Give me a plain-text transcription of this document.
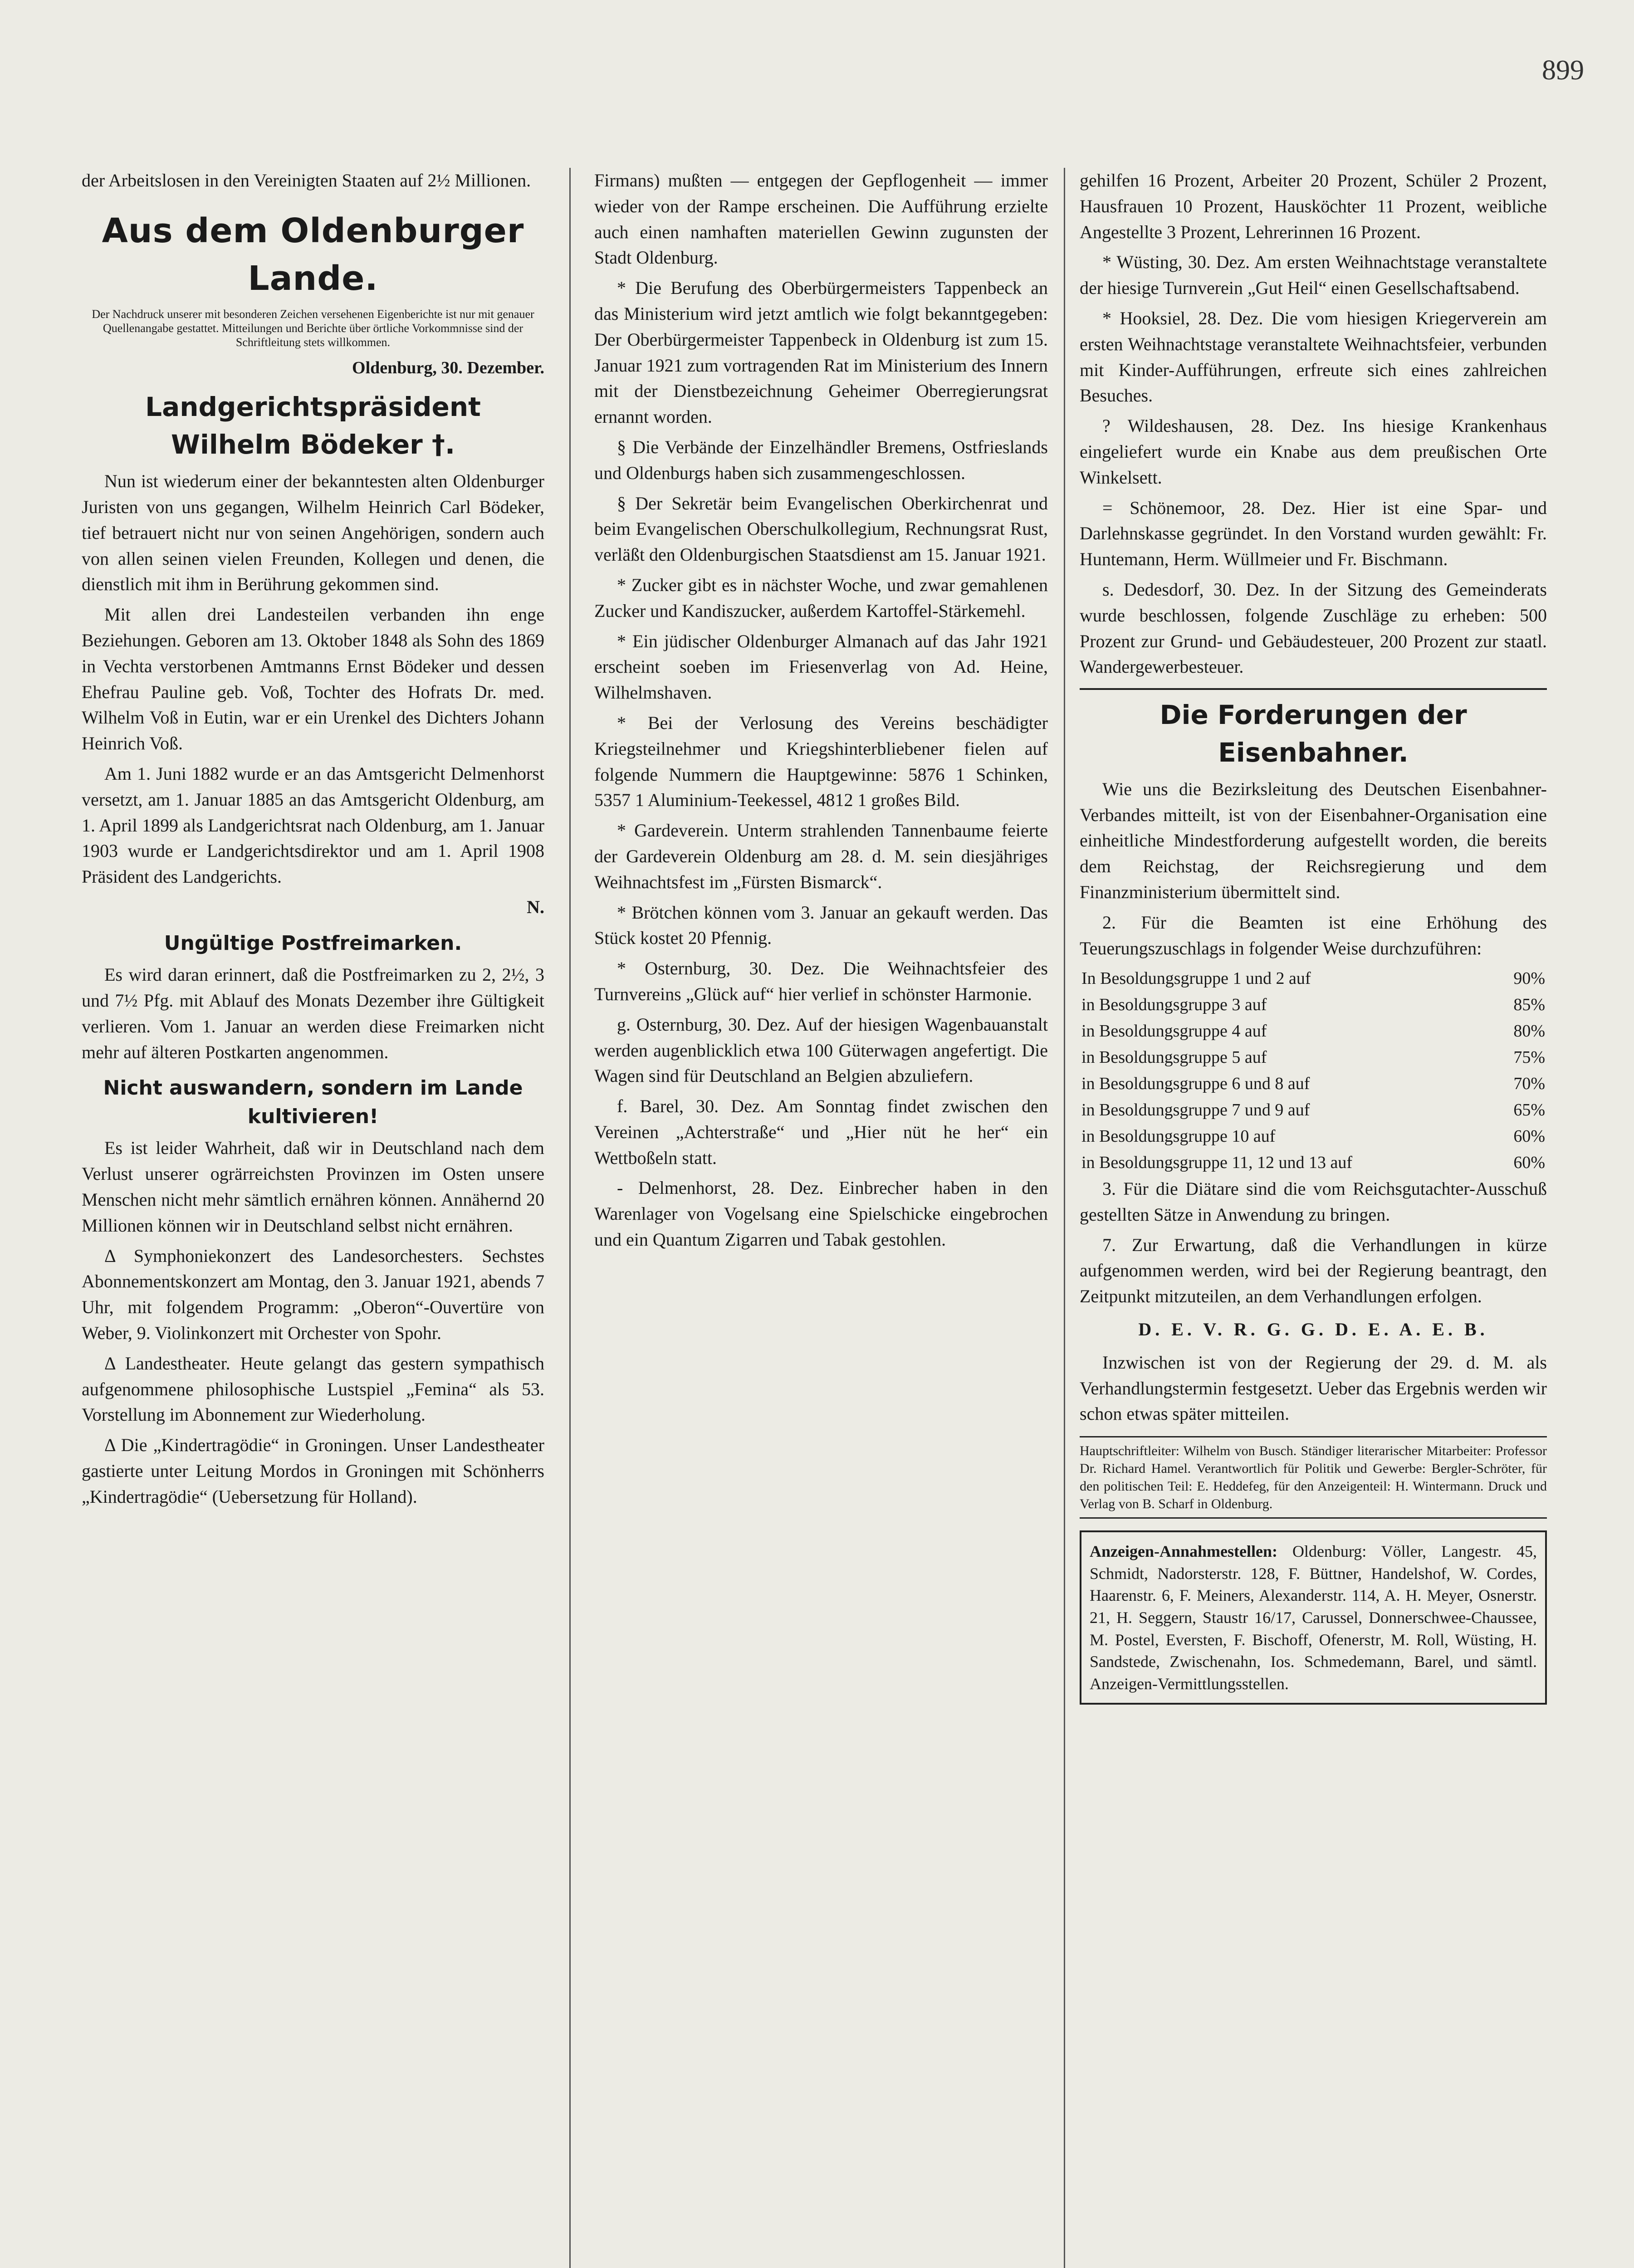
899

der Arbeitslosen in den Vereinigten Staaten auf 2½ Millionen.

Aus dem Oldenburger Lande.
Der Nachdruck unserer mit besonderen Zeichen versehenen Eigenberichte ist nur mit genauer Quellenangabe gestattet. Mitteilungen und Berichte über örtliche Vorkommnisse sind der Schriftleitung stets willkommen.
Oldenburg, 30. Dezember.
Landgerichtspräsident Wilhelm Bödeker †.

Nun ist wiederum einer der bekanntesten alten Oldenburger Juristen von uns gegangen, Wilhelm Heinrich Carl Bödeker, tief betrauert nicht nur von seinen Angehörigen, sondern auch von allen seinen vielen Freunden, Kollegen und denen, die dienstlich mit ihm in Berührung gekommen sind.

Mit allen drei Landesteilen verbanden ihn enge Beziehungen. Geboren am 13. Oktober 1848 als Sohn des 1869 in Vechta verstorbenen Amtmanns Ernst Bödeker und dessen Ehefrau Pauline geb. Voß, Tochter des Hofrats Dr. med. Wilhelm Voß in Eutin, war er ein Urenkel des Dichters Johann Heinrich Voß.

Am 1. Juni 1882 wurde er an das Amtsgericht Delmenhorst versetzt, am 1. Januar 1885 an das Amtsgericht Oldenburg, am 1. April 1899 als Landgerichtsrat nach Oldenburg, am 1. Januar 1903 wurde er Landgerichtsdirektor und am 1. April 1908 Präsident des Landgerichts.

N.
Ungültige Postfreimarken.

Es wird daran erinnert, daß die Postfreimarken zu 2, 2½, 3 und 7½ Pfg. mit Ablauf des Monats Dezember ihre Gültigkeit verlieren. Vom 1. Januar an werden diese Freimarken nicht mehr auf älteren Postkarten angenommen.

Nicht auswandern, sondern im Lande kultivieren!

Es ist leider Wahrheit, daß wir in Deutschland nach dem Verlust unserer ogrärreichsten Provinzen im Osten unsere Menschen nicht mehr sämtlich ernähren können. Annähernd 20 Millionen können wir in Deutschland selbst nicht ernähren.

Δ Symphoniekonzert des Landesorchesters. Sechstes Abonnementskonzert am Montag, den 3. Januar 1921, abends 7 Uhr, mit folgendem Programm: „Oberon“-Ouvertüre von Weber, 9. Violinkonzert mit Orchester von Spohr.

Δ Landestheater. Heute gelangt das gestern sympathisch aufgenommene philosophische Lustspiel „Femina“ als 53. Vorstellung im Abonnement zur Wiederholung.

Δ Die „Kindertragödie“ in Groningen. Unser Landestheater gastierte unter Leitung Mordos in Groningen mit Schönherrs „Kindertragödie“ (Uebersetzung für Holland).

Firmans) mußten — entgegen der Gepflogenheit — immer wieder von der Rampe erscheinen. Die Aufführung erzielte auch einen namhaften materiellen Gewinn zugunsten der Stadt Oldenburg.

* Die Berufung des Oberbürgermeisters Tappenbeck an das Ministerium wird jetzt amtlich wie folgt bekanntgegeben: Der Oberbürgermeister Tappenbeck in Oldenburg ist zum 15. Januar 1921 zum vortragenden Rat im Ministerium des Innern mit der Dienstbezeichnung Geheimer Oberregierungsrat ernannt worden.

§ Die Verbände der Einzelhändler Bremens, Ostfrieslands und Oldenburgs haben sich zusammengeschlossen.

§ Der Sekretär beim Evangelischen Oberkirchenrat und beim Evangelischen Oberschulkollegium, Rechnungsrat Rust, verläßt den Oldenburgischen Staatsdienst am 15. Januar 1921.

* Zucker gibt es in nächster Woche, und zwar gemahlenen Zucker und Kandiszucker, außerdem Kartoffel-Stärkemehl.

* Ein jüdischer Oldenburger Almanach auf das Jahr 1921 erscheint soeben im Friesenverlag von Ad. Heine, Wilhelmshaven.

* Bei der Verlosung des Vereins beschädigter Kriegsteilnehmer und Kriegshinterbliebener fielen auf folgende Nummern die Hauptgewinne: 5876 1 Schinken, 5357 1 Aluminium-Teekessel, 4812 1 großes Bild.

* Gardeverein. Unterm strahlenden Tannenbaume feierte der Gardeverein Oldenburg am 28. d. M. sein diesjähriges Weihnachtsfest im „Fürsten Bismarck“.

* Brötchen können vom 3. Januar an gekauft werden. Das Stück kostet 20 Pfennig.

* Osternburg, 30. Dez. Die Weihnachtsfeier des Turnvereins „Glück auf“ hier verlief in schönster Harmonie.

g. Osternburg, 30. Dez. Auf der hiesigen Wagenbauanstalt werden augenblicklich etwa 100 Güterwagen angefertigt. Die Wagen sind für Deutschland an Belgien abzuliefern.

f. Barel, 30. Dez. Am Sonntag findet zwischen den Vereinen „Achterstraße“ und „Hier nüt he her“ ein Wettboßeln statt.

- Delmenhorst, 28. Dez. Einbrecher haben in den Warenlager von Vogelsang eine Spielschicke eingebrochen und ein Quantum Zigarren und Tabak gestohlen.

gehilfen 16 Prozent, Arbeiter 20 Prozent, Schüler 2 Prozent, Hausfrauen 10 Prozent, Hausköchter 11 Prozent, weibliche Angestellte 3 Prozent, Lehrerinnen 16 Prozent.

* Wüsting, 30. Dez. Am ersten Weihnachtstage veranstaltete der hiesige Turnverein „Gut Heil“ einen Gesellschaftsabend.

* Hooksiel, 28. Dez. Die vom hiesigen Kriegerverein am ersten Weihnachtstage veranstaltete Weihnachtsfeier, verbunden mit Kinder-Aufführungen, erfreute sich eines zahlreichen Besuches.

? Wildeshausen, 28. Dez. Ins hiesige Krankenhaus eingeliefert wurde ein Knabe aus dem preußischen Orte Winkelsett.

= Schönemoor, 28. Dez. Hier ist eine Spar- und Darlehnskasse gegründet. In den Vorstand wurden gewählt: Fr. Huntemann, Herm. Wüllmeier und Fr. Bischmann.

s. Dedesdorf, 30. Dez. In der Sitzung des Gemeinderats wurde beschlossen, folgende Zuschläge zu erheben: 500 Prozent zur Grund- und Gebäudesteuer, 200 Prozent zur staatl. Wandergewerbesteuer.

Die Forderungen der Eisenbahner.

Wie uns die Bezirksleitung des Deutschen Eisenbahner-Verbandes mitteilt, ist von der Eisenbahner-Organisation eine einheitliche Mindestforderung aufgestellt worden, die bereits dem Reichstag, der Reichsregierung und dem Finanzministerium übermittelt sind.

2. Für die Beamten ist eine Erhöhung des Teuerungszuschlags in folgender Weise durchzuführen:

In Besoldungsgruppe 1 und 2 auf	90%
in Besoldungsgruppe 3 auf	85%
in Besoldungsgruppe 4 auf	80%
in Besoldungsgruppe 5 auf	75%
in Besoldungsgruppe 6 und 8 auf	70%
in Besoldungsgruppe 7 und 9 auf	65%
in Besoldungsgruppe 10 auf	60%
in Besoldungsgruppe 11, 12 und 13 auf	60%

3. Für die Diätare sind die vom Reichsgutachter-Ausschuß gestellten Sätze in Anwendung zu bringen.

7. Zur Erwartung, daß die Verhandlungen in kürze aufgenommen werden, wird bei der Regierung beantragt, den Zeitpunkt mitzuteilen, an dem Verhandlungen erfolgen.

D. E. V. R. G. G. D. E. A. E. B.

Inzwischen ist von der Regierung der 29. d. M. als Verhandlungstermin festgesetzt. Ueber das Ergebnis werden wir schon etwas später mitteilen.

Hauptschriftleiter: Wilhelm von Busch. Ständiger literarischer Mitarbeiter: Professor Dr. Richard Hamel. Verantwortlich für Politik und Gewerbe: Bergler-Schröter, für den politischen Teil: E. Heddefeg, für den Anzeigenteil: H. Wintermann. Druck und Verlag von B. Scharf in Oldenburg.
Anzeigen-Annahmestellen: Oldenburg: Völler, Langestr. 45, Schmidt, Nadorsterstr. 128, F. Büttner, Handelshof, W. Cordes, Haarenstr. 6, F. Meiners, Alexanderstr. 114, A. H. Meyer, Osnerstr. 21, H. Seggern, Staustr 16/17, Carussel, Donnerschwee-Chaussee, M. Postel, Eversten, F. Bischoff, Ofenerstr, M. Roll, Wüsting, H. Sandstede, Zwischenahn, Ios. Schmedemann, Barel, und sämtl. Anzeigen-Vermittlungsstellen.
